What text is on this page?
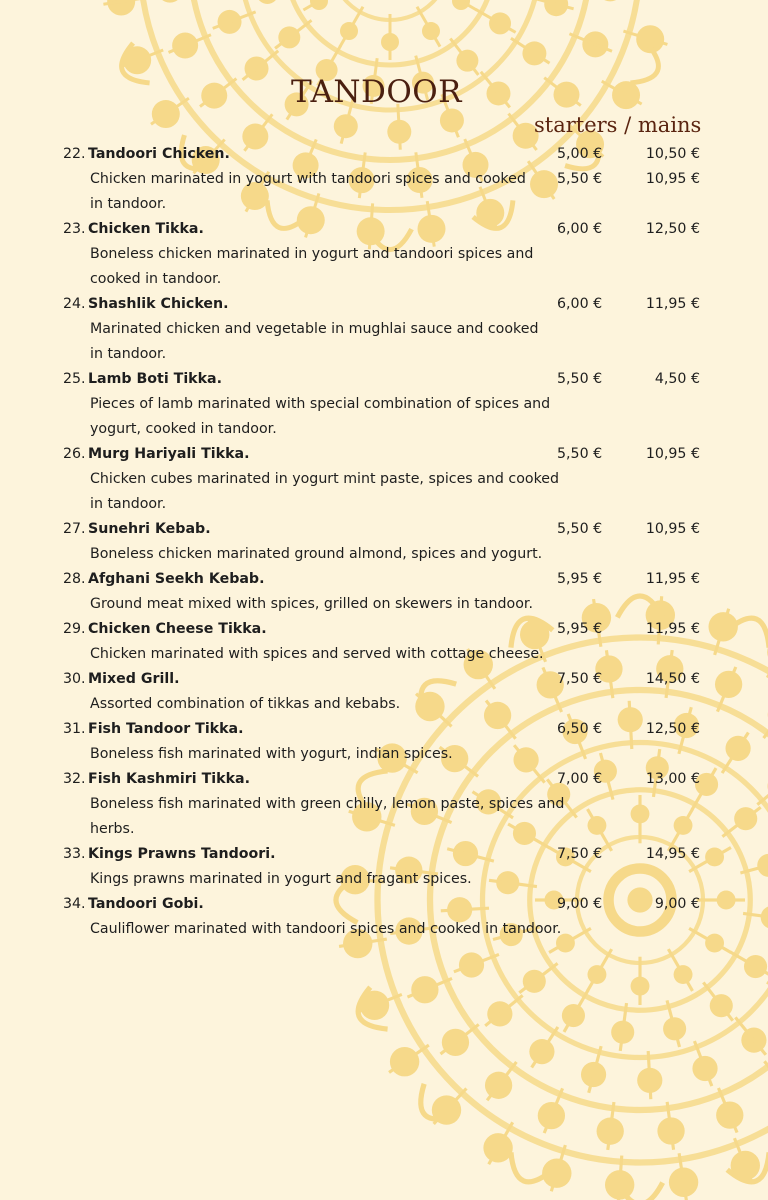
TANDOOR
starters / mains
22. Tandoori Chicken.	5,00 €	10,50 €
Chicken marinated in yogurt with tandoori spices and cooked 5,50 €	10,95 €
in tandoor.
23. Chicken Tikka.	6,00 €	12,50 €
Boneless chicken marinated in yogurt and tandoori spices and
cooked in tandoor.
24. Shashlik Chicken.	6,00 €	11,95 €
Marinated chicken and vegetable in mughlai sauce and cooked
in tandoor.
25. Lamb Boti Tikka.	5,50 €	4,50 €
Pieces of lamb marinated with special combination of spices and
yogurt, cooked in tandoor.
26. Murg Hariyali Tikka.	5,50 €	10,95 €
Chicken cubes marinated in yogurt mint paste, spices and cooked
in tandoor.
27. Sunehri Kebab.	5,50 €	10,95 €
Boneless chicken marinated ground almond, spices and yogurt.
28. Afghani Seekh Kebab.	5,95 €	11,95 €
Ground meat mixed with spices, grilled on skewers in tandoor.
29. Chicken Cheese Tikka.	5,95 €	11,95 €
Chicken marinated with spices and served with cottage cheese.
30. Mixed Grill.	7,50 €	14,50 €
Assorted combination of tikkas and kebabs.
31. Fish Tandoor Tikka.	6,50 €	12,50 €
Boneless fish marinated with yogurt, indian spices.
32. Fish Kashmiri Tikka.	7,00 €	13,00 €
Boneless fish marinated with green chilly, lemon paste, spices and
herbs.
33. Kings Prawns Tandoori.	7,50 €	14,95 €
Kings prawns marinated in yogurt and fragant spices.
34. Tandoori Gobi.	9,00 €	9,00 €
Cauliflower marinated with tandoori spices and cooked in tandoor.
